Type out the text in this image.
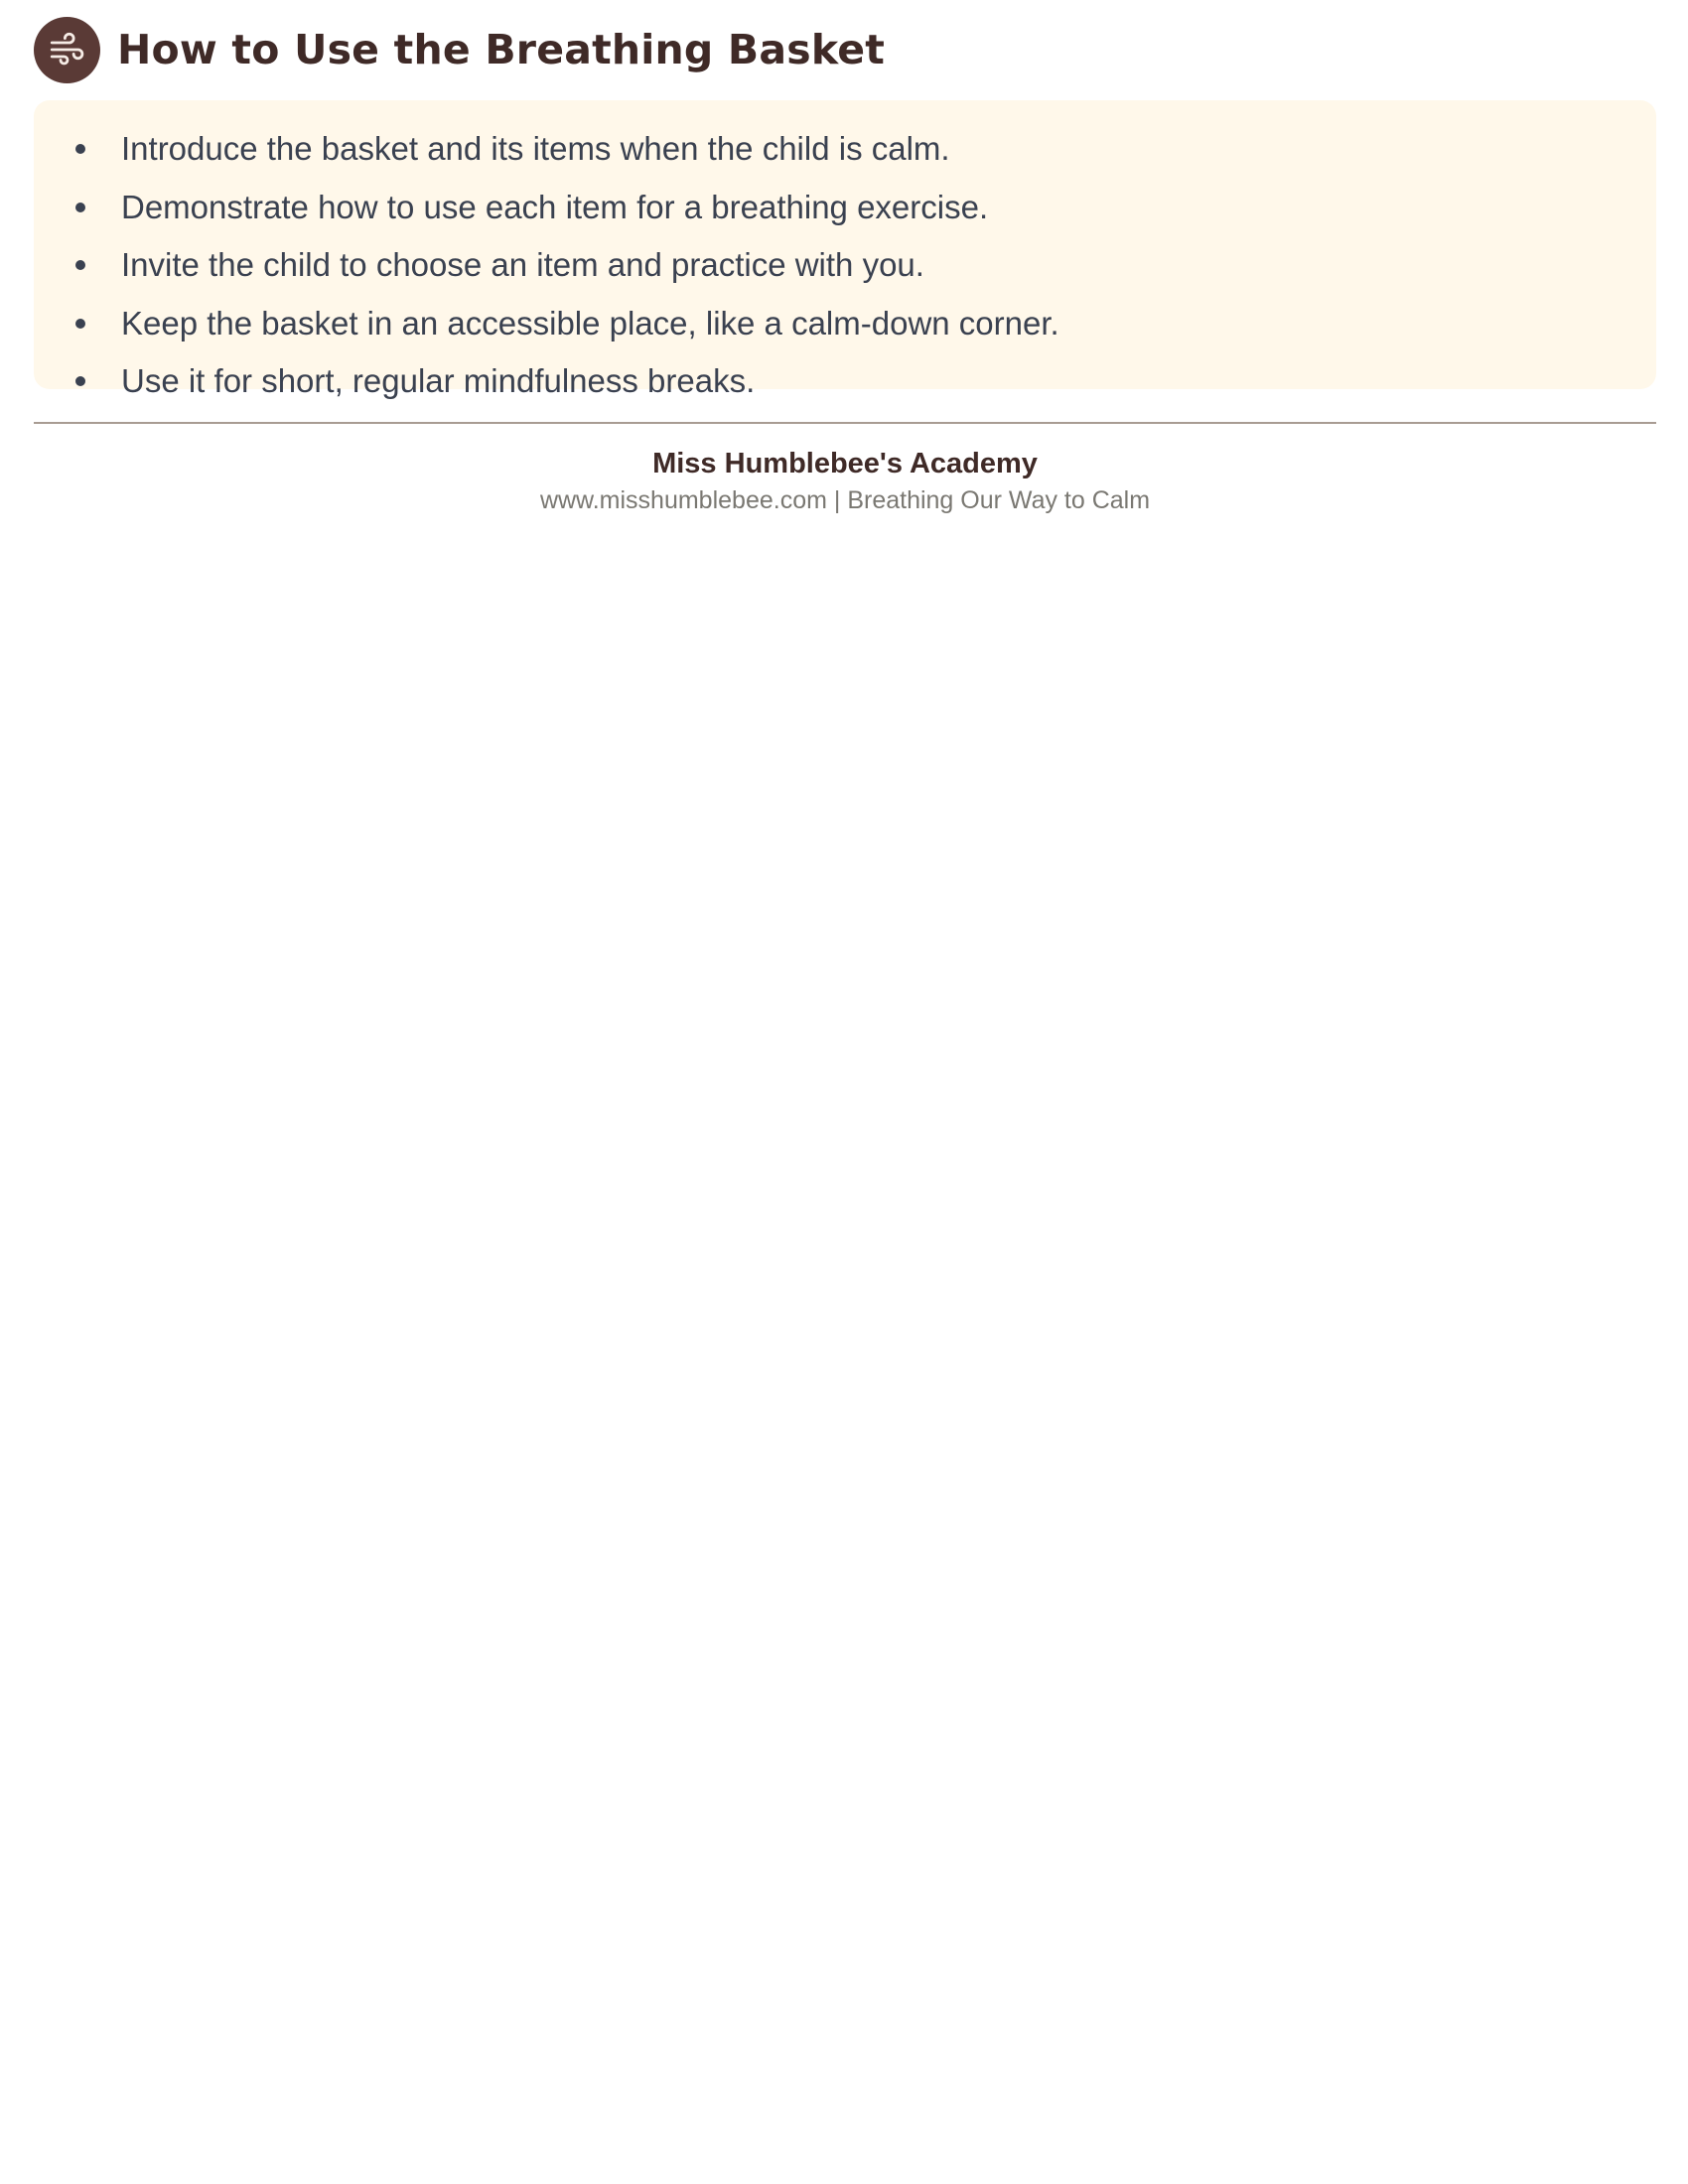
How to Use the Breathing Basket
Introduce the basket and its items when the child is calm.
Demonstrate how to use each item for a breathing exercise.
Invite the child to choose an item and practice with you.
Keep the basket in an accessible place, like a calm-down corner.
Use it for short, regular mindfulness breaks.
Miss Humblebee's Academy
www.misshumblebee.com | Breathing Our Way to Calm
